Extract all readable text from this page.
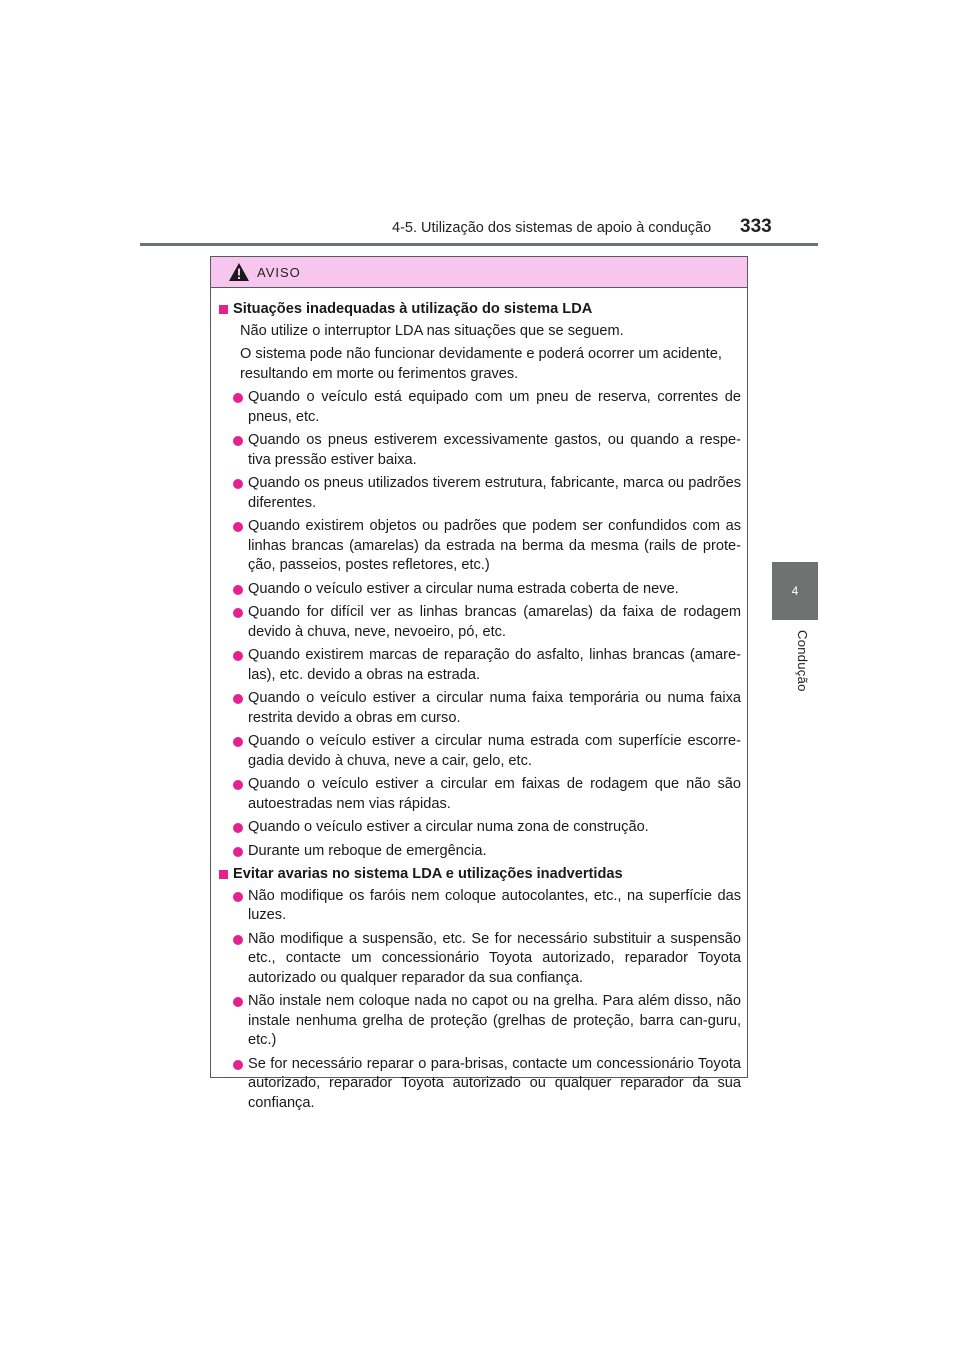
4-5. Utilização dos sistemas de apoio à condução 333
4
Condução
AVISO
Situações inadequadas à utilização do sistema LDA
Não utilize o interruptor LDA nas situações que se seguem.
O sistema pode não funcionar devidamente e poderá ocorrer um acidente, resultando em morte ou ferimentos graves.
Quando o veículo está equipado com um pneu de reserva, correntes de pneus, etc.
Quando os pneus estiverem excessivamente gastos, ou quando a respe-tiva pressão estiver baixa.
Quando os pneus utilizados tiverem estrutura, fabricante, marca ou padrões diferentes.
Quando existirem objetos ou padrões que podem ser confundidos com as linhas brancas (amarelas) da estrada na berma da mesma (rails de prote-ção, passeios, postes refletores, etc.)
Quando o veículo estiver a circular numa estrada coberta de neve.
Quando for difícil ver as linhas brancas (amarelas) da faixa de rodagem devido à chuva, neve, nevoeiro, pó, etc.
Quando existirem marcas de reparação do asfalto, linhas brancas (amare-las), etc. devido a obras na estrada.
Quando o veículo estiver a circular numa faixa temporária ou numa faixa restrita devido a obras em curso.
Quando o veículo estiver a circular numa estrada com superfície escorre-gadia devido à chuva, neve a cair, gelo, etc.
Quando o veículo estiver a circular em faixas de rodagem que não são autoestradas nem vias rápidas.
Quando o veículo estiver a circular numa zona de construção.
Durante um reboque de emergência.
Evitar avarias no sistema LDA e utilizações inadvertidas
Não modifique os faróis nem coloque autocolantes, etc., na superfície das luzes.
Não modifique a suspensão, etc. Se for necessário substituir a suspensão etc., contacte um concessionário Toyota autorizado, reparador Toyota autorizado ou qualquer reparador da sua confiança.
Não instale nem coloque nada no capot ou na grelha. Para além disso, não instale nenhuma grelha de proteção (grelhas de proteção, barra can-guru, etc.)
Se for necessário reparar o para-brisas, contacte um concessionário Toyota autorizado, reparador Toyota autorizado ou qualquer reparador da sua confiança.
